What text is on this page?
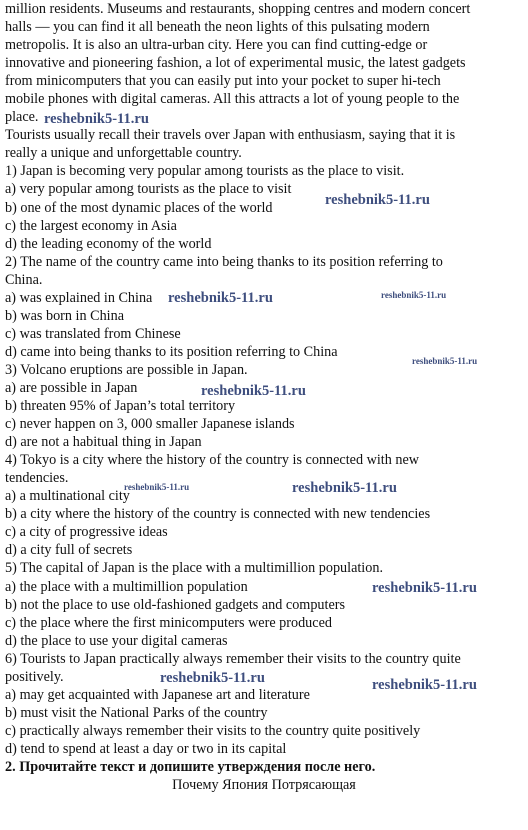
million residents. Museums and restaurants, shopping centres and modern concert
halls — you can find it all beneath the neon lights of this pulsating modern
metropolis. It is also an ultra-urban city. Here you can find cutting-edge or
innovative and pioneering fashion, a lot of experimental music, the latest gadgets
from minicomputers that you can easily put into your pocket to super hi-tech
mobile phones with digital cameras. All this attracts a lot of young people to the
place.
Tourists usually recall their travels over Japan with enthusiasm, saying that it is
really a unique and unforgettable country.
1) Japan is becoming very popular among tourists as the place to visit.
a) very popular among tourists as the place to visit
b) one of the most dynamic places of the world
c) the largest economy in Asia
d) the leading economy of the world
2) The name of the country came into being thanks to its position referring to
China.
a) was explained in China
b) was born in China
c) was translated from Chinese
d) came into being thanks to its position referring to China
3) Volcano eruptions are possible in Japan.
a) are possible in Japan
b) threaten 95% of Japan’s total territory
c) never happen on 3, 000 smaller Japanese islands
d) are not a habitual thing in Japan
4) Tokyo is a city where the history of the country is connected with new
tendencies.
a) a multinational city
b) a city where the history of the country is connected with new tendencies
c) a city of progressive ideas
d) a city full of secrets
5) The capital of Japan is the place with a multimillion population.
a) the place with a multimillion population
b) not the place to use old-fashioned gadgets and computers
c) the place where the first minicomputers were produced
d) the place to use your digital cameras
6) Tourists to Japan practically always remember their visits to the country quite
positively.
a) may get acquainted with Japanese art and literature
b) must visit the National Parks of the country
c) practically always remember their visits to the country quite positively
d) tend to spend at least a day or two in its capital
2. Прочитайте текст и допишите утверждения после него.
Почему Япония Потрясающая
reshebnik5-11.ru
reshebnik5-11.ru
reshebnik5-11.ru	reshebnik5-11.ru
reshebnik5-11.ru
reshebnik5-11.ru
reshebnik5-11.ru	reshebnik5-11.ru
reshebnik5-11.ru
reshebnik5-11.ru	reshebnik5-11.ru
